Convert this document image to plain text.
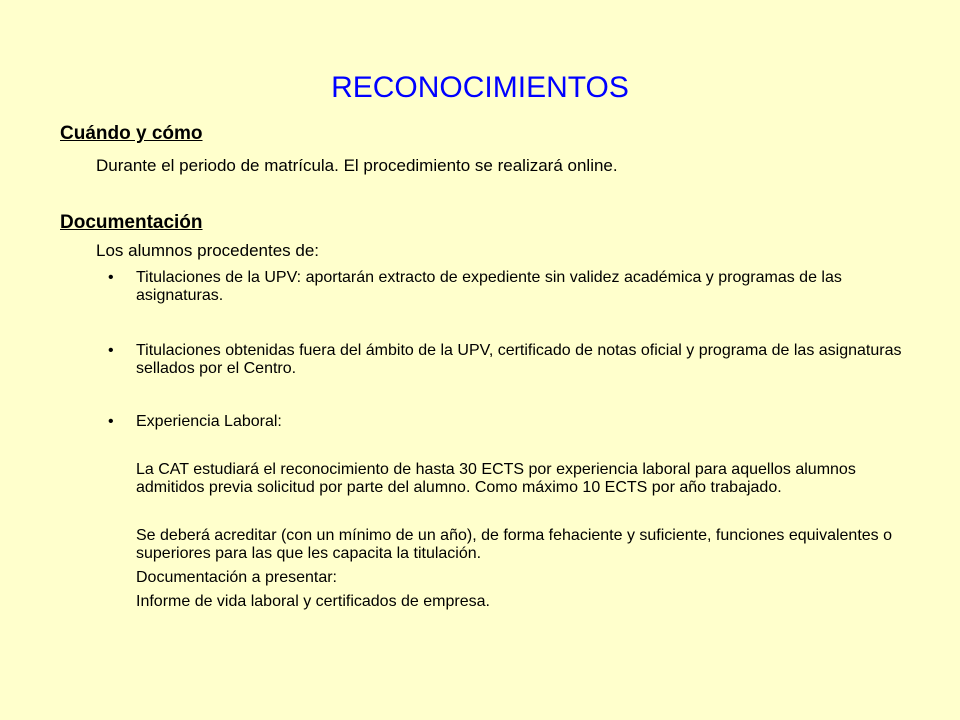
RECONOCIMIENTOS
Cuándo y cómo
Durante el periodo de matrícula. El procedimiento se realizará online.
Documentación
Los alumnos procedentes de:
• Titulaciones de la UPV: aportarán extracto de expediente sin validez académica y programas de las asignaturas.
• Titulaciones obtenidas fuera del ámbito de la UPV, certificado de notas oficial y programa de las asignaturas sellados por el Centro.
• Experiencia Laboral:
La CAT estudiará el reconocimiento de hasta 30 ECTS por experiencia laboral para aquellos alumnos admitidos previa solicitud por parte del alumno. Como máximo 10 ECTS por año trabajado.
Se deberá acreditar (con un mínimo de un año), de forma fehaciente y suficiente, funciones equivalentes o superiores para las que les capacita la titulación.
Documentación a presentar:
Informe de vida laboral y certificados de empresa.
